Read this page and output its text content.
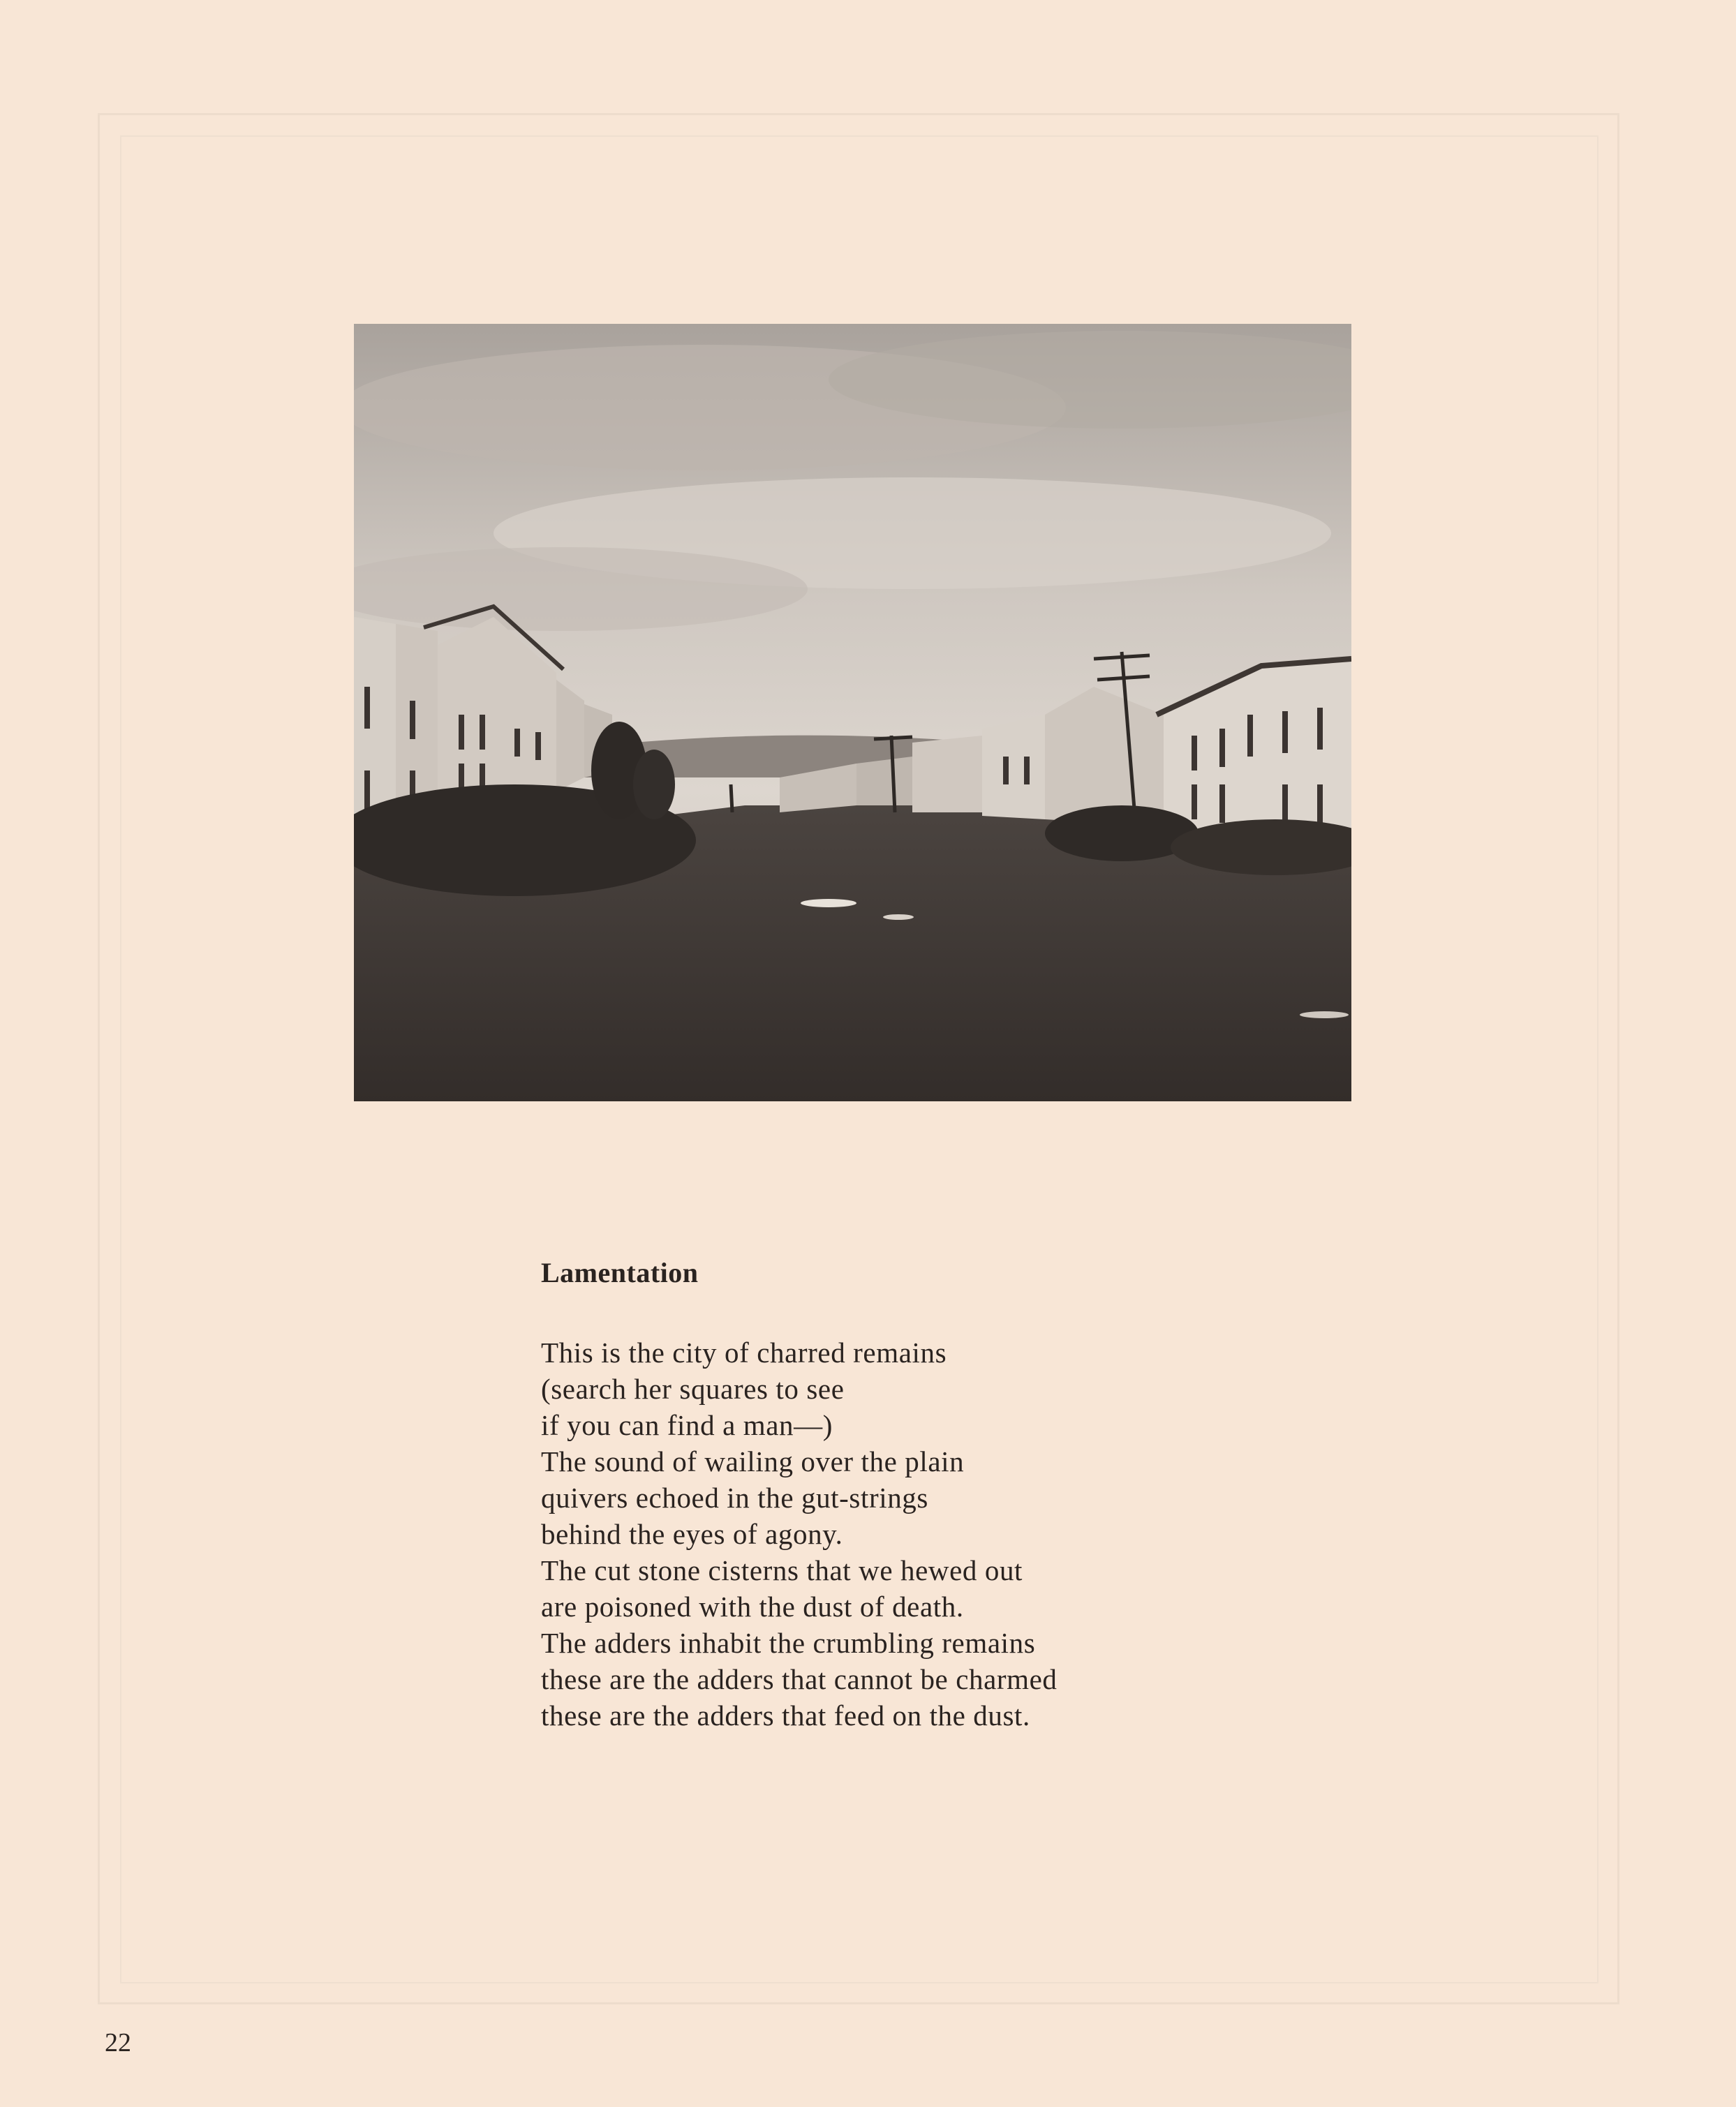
Lamentation
This is the city of charred remains
(search her squares to see
if you can find a man—)
The sound of wailing over the plain
quivers echoed in the gut-strings
behind the eyes of agony.
The cut stone cisterns that we hewed out
are poisoned with the dust of death.
The adders inhabit the crumbling remains
these are the adders that cannot be charmed
these are the adders that feed on the dust.
22
